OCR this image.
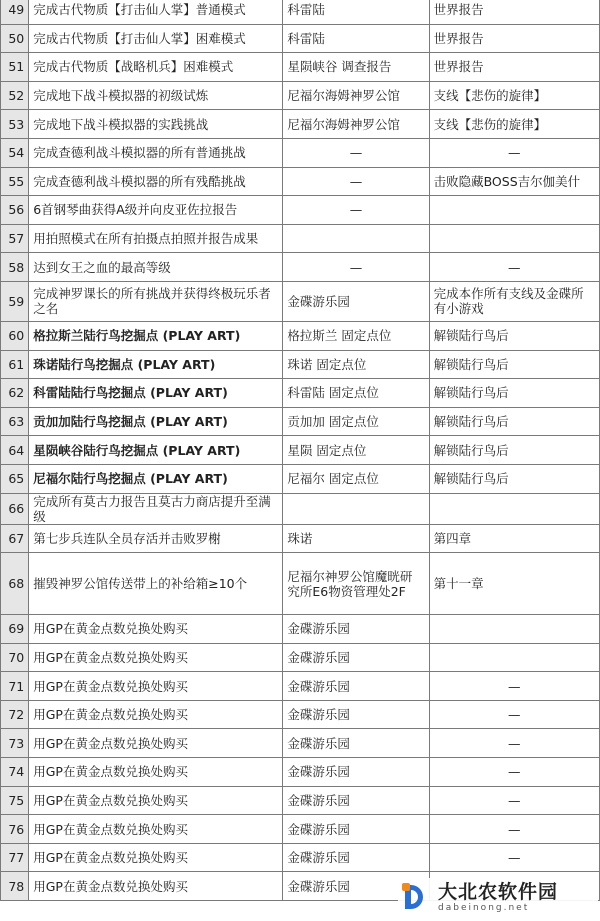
49	完成古代物质【打击仙人掌】普通模式	科雷陆	世界报告
50	完成古代物质【打击仙人掌】困难模式	科雷陆	世界报告
51	完成古代物质【战略机兵】困难模式	星陨峡谷 调查报告	世界报告
52	完成地下战斗模拟器的初级试炼	尼福尔海姆神罗公馆	支线【悲伤的旋律】
53	完成地下战斗模拟器的实践挑战	尼福尔海姆神罗公馆	支线【悲伤的旋律】
54	完成查德利战斗模拟器的所有普通挑战	—	—
55	完成查德利战斗模拟器的所有残酷挑战	—	击败隐藏BOSS吉尔伽美什
56	6首钢琴曲获得A级并向皮亚佐拉报告	—	
57	用拍照模式在所有拍摄点拍照并报告成果		
58	达到女王之血的最高等级	—	—
59	完成神罗课长的所有挑战并获得终极玩乐者之名	金碟游乐园	完成本作所有支线及金碟所有小游戏
60	格拉斯兰陆行鸟挖掘点 (PLAY ART)	格拉斯兰 固定点位	解锁陆行鸟后
61	珠诺陆行鸟挖掘点 (PLAY ART)	珠诺 固定点位	解锁陆行鸟后
62	科雷陆陆行鸟挖掘点 (PLAY ART)	科雷陆 固定点位	解锁陆行鸟后
63	贡加加陆行鸟挖掘点 (PLAY ART)	贡加加 固定点位	解锁陆行鸟后
64	星陨峡谷陆行鸟挖掘点 (PLAY ART)	星陨 固定点位	解锁陆行鸟后
65	尼福尔陆行鸟挖掘点 (PLAY ART)	尼福尔 固定点位	解锁陆行鸟后
66	完成所有莫古力报告且莫古力商店提升至满级		
67	第七步兵连队全员存活并击败罗榭	珠诺	第四章
68	摧毁神罗公馆传送带上的补给箱≥10个	尼福尔神罗公馆魔晄研究所E6物资管理处2F	第十一章
69	用GP在黄金点数兑换处购买	金碟游乐园	
70	用GP在黄金点数兑换处购买	金碟游乐园	
71	用GP在黄金点数兑换处购买	金碟游乐园	—
72	用GP在黄金点数兑换处购买	金碟游乐园	—
73	用GP在黄金点数兑换处购买	金碟游乐园	—
74	用GP在黄金点数兑换处购买	金碟游乐园	—
75	用GP在黄金点数兑换处购买	金碟游乐园	—
76	用GP在黄金点数兑换处购买	金碟游乐园	—
77	用GP在黄金点数兑换处购买	金碟游乐园	—
78	用GP在黄金点数兑换处购买	金碟游乐园		大北农软件园
dabeinong.net
